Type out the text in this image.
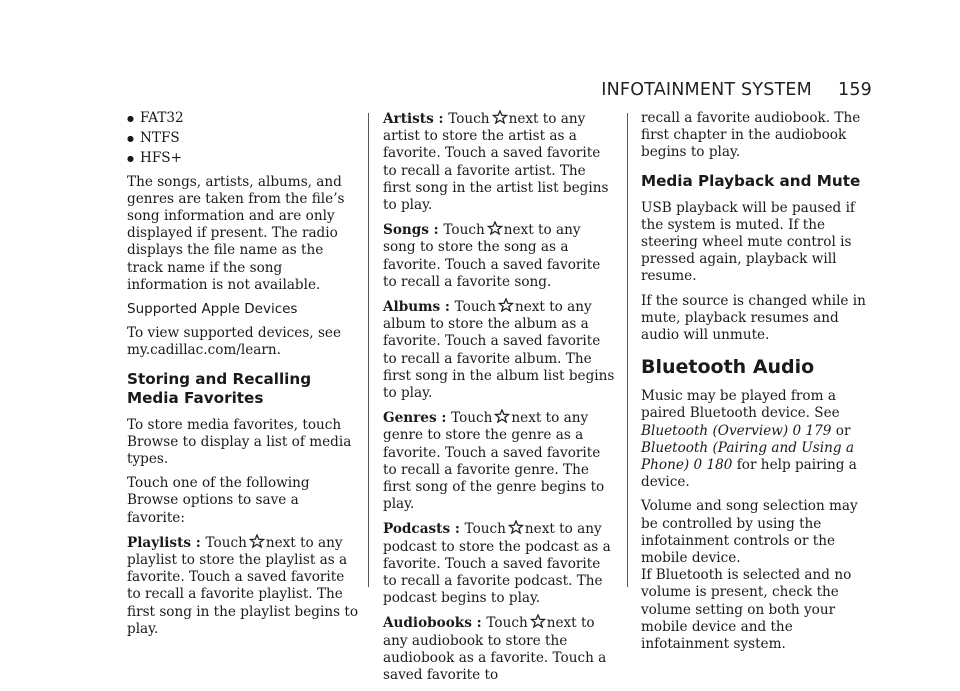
INFOTAINMENT SYSTEM 159
● FAT32
● NTFS
● HFS+

The songs, artists, albums, and genres are taken from the file’s song information and are only displayed if present. The radio displays the file name as the track name if the song information is not available.

Supported Apple Devices

To view supported devices, see my.cadillac.com/learn.

Storing and Recalling Media Favorites

To store media favorites, touch Browse to display a list of media types.

Touch one of the following Browse options to save a favorite:

Playlists : Touch next to any playlist to store the playlist as a favorite. Touch a saved favorite to recall a favorite playlist. The first song in the playlist begins to play.

Artists : Touch next to any artist to store the artist as a favorite. Touch a saved favorite to recall a favorite artist. The first song in the artist list begins to play.

Songs : Touch next to any song to store the song as a favorite. Touch a saved favorite to recall a favorite song.

Albums : Touch next to any album to store the album as a favorite. Touch a saved favorite to recall a favorite album. The first song in the album list begins to play.

Genres : Touch next to any genre to store the genre as a favorite. Touch a saved favorite to recall a favorite genre. The first song of the genre begins to play.

Podcasts : Touch next to any podcast to store the podcast as a favorite. Touch a saved favorite to recall a favorite podcast. The podcast begins to play.

Audiobooks : Touch next to any audiobook to store the audiobook as a favorite. Touch a saved favorite to

recall a favorite audiobook. The first chapter in the audiobook begins to play.

Media Playback and Mute

USB playback will be paused if the system is muted. If the steering wheel mute control is pressed again, playback will resume.

If the source is changed while in mute, playback resumes and audio will unmute.

Bluetooth Audio

Music may be played from a paired Bluetooth device. See Bluetooth (Overview) 0 179 or Bluetooth (Pairing and Using a Phone) 0 180 for help pairing a device.

Volume and song selection may be controlled by using the infotainment controls or the mobile device.

If Bluetooth is selected and no volume is present, check the volume setting on both your mobile device and the infotainment system.
